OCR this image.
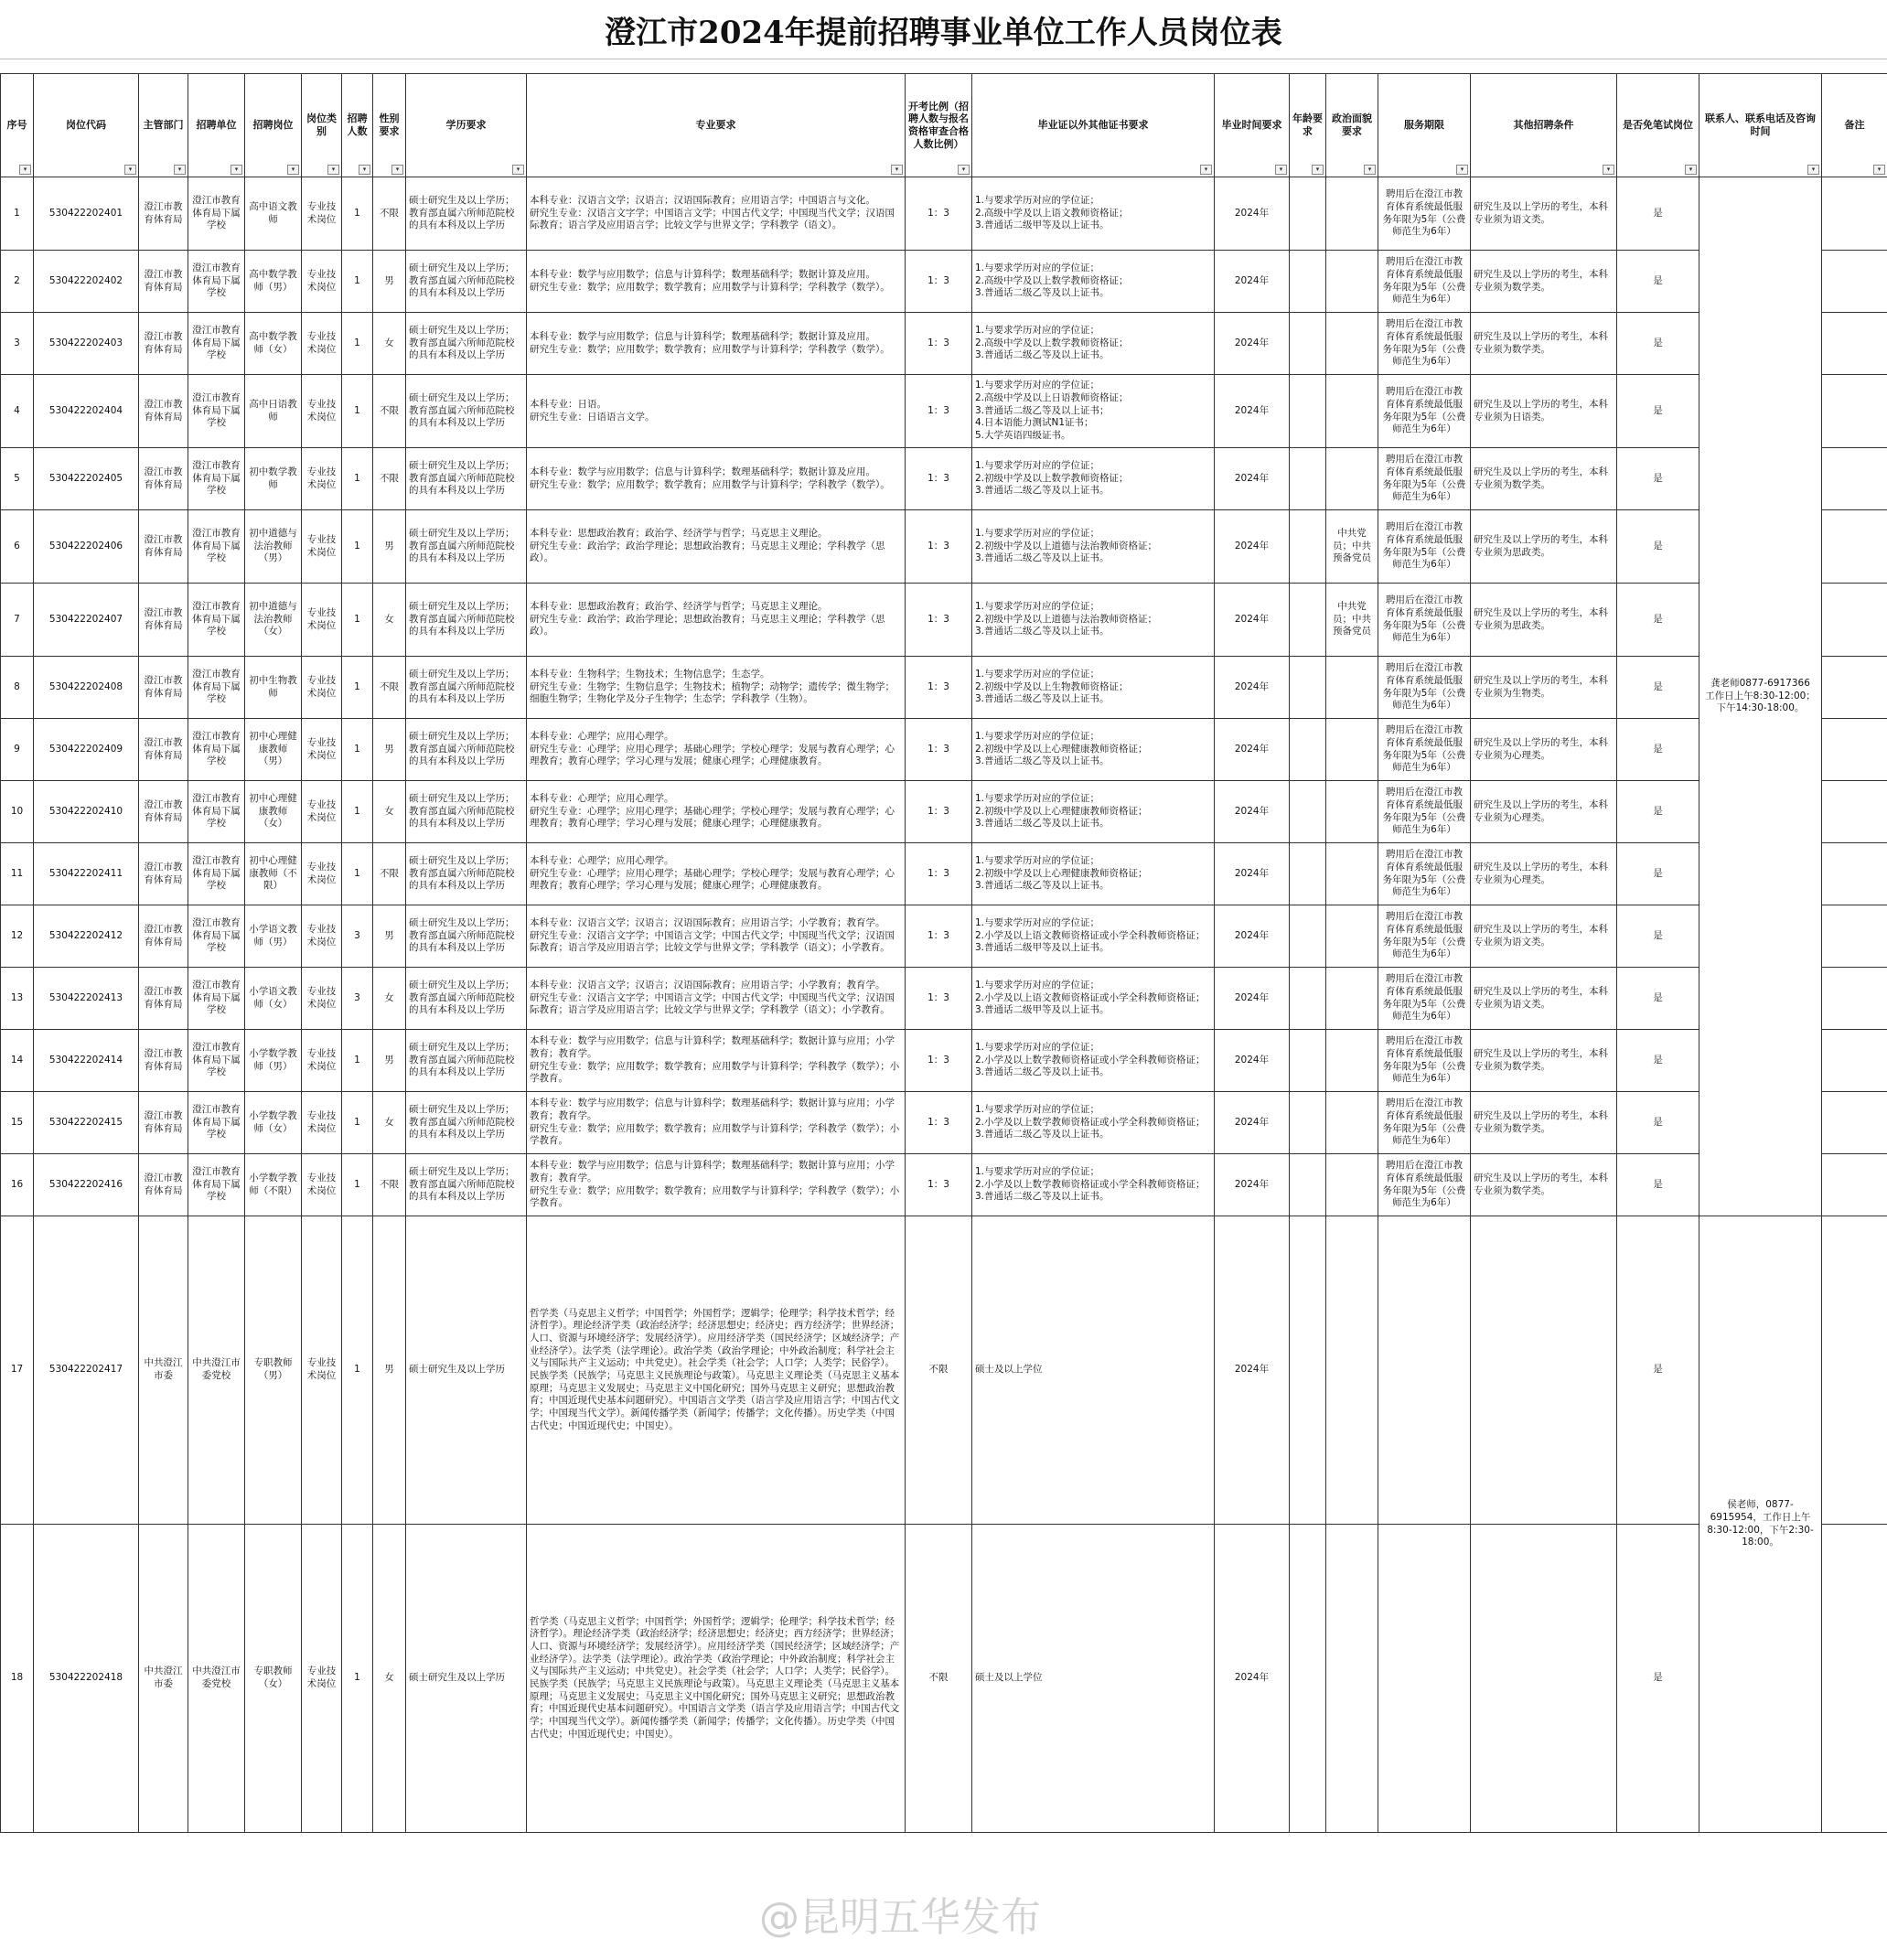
澄江市2024年提前招聘事业单位工作人员岗位表
序号
▾	岗位代码
▾	主管部门
▾	招聘单位
▾	招聘岗位
▾	岗位类别
▾	招聘人数
▾	性别要求
▾	学历要求
▾	专业要求
▾	开考比例（招聘人数与报名资格审查合格人数比例）
▾	毕业证以外其他证书要求
▾	毕业时间要求
▾	年龄要求
▾	政治面貌要求
▾	服务期限
▾	其他招聘条件
▾	是否免笔试岗位
▾	联系人、联系电话及咨询时间
▾	备注
▾

1	530422202401	澄江市教育体育局	澄江市教育体育局下属学校	高中语文教师	专业技术岗位	1	不限	硕士研究生及以上学历；教育部直属六所师范院校的具有本科及以上学历	本科专业：汉语言文学；汉语言；汉语国际教育；应用语言学；中国语言与文化。
研究生专业：汉语言文字学；中国语言文学；中国古代文学；中国现当代文学；汉语国际教育；语言学及应用语言学；比较文学与世界文学；学科教学（语文）。	1：3	1.与要求学历对应的学位证；
2.高级中学及以上语文教师资格证；
3.普通话二级甲等及以上证书。	2024年			聘用后在澄江市教育体育系统最低服务年限为5年（公费师范生为6年）	研究生及以上学历的考生，本科专业须为语文类。	是	龚老师0877-6917366
工作日上午8:30-12:00；下午14:30-18:00。	
2	530422202402	澄江市教育体育局	澄江市教育体育局下属学校	高中数学教师（男）	专业技术岗位	1	男	硕士研究生及以上学历；教育部直属六所师范院校的具有本科及以上学历	本科专业：数学与应用数学；信息与计算科学；数理基础科学；数据计算及应用。
研究生专业：数学；应用数学；数学教育；应用数学与计算科学；学科教学（数学）。	1：3	1.与要求学历对应的学位证；
2.高级中学及以上数学教师资格证；
3.普通话二级乙等及以上证书。	2024年			聘用后在澄江市教育体育系统最低服务年限为5年（公费师范生为6年）	研究生及以上学历的考生，本科专业须为数学类。	是		
3	530422202403	澄江市教育体育局	澄江市教育体育局下属学校	高中数学教师（女）	专业技术岗位	1	女	硕士研究生及以上学历；教育部直属六所师范院校的具有本科及以上学历	本科专业：数学与应用数学；信息与计算科学；数理基础科学；数据计算及应用。
研究生专业：数学；应用数学；数学教育；应用数学与计算科学；学科教学（数学）。	1：3	1.与要求学历对应的学位证；
2.高级中学及以上数学教师资格证；
3.普通话二级乙等及以上证书。	2024年			聘用后在澄江市教育体育系统最低服务年限为5年（公费师范生为6年）	研究生及以上学历的考生，本科专业须为数学类。	是		
4	530422202404	澄江市教育体育局	澄江市教育体育局下属学校	高中日语教师	专业技术岗位	1	不限	硕士研究生及以上学历；教育部直属六所师范院校的具有本科及以上学历	本科专业：日语。
研究生专业：日语语言文学。	1：3	1.与要求学历对应的学位证；
2.高级中学及以上日语教师资格证；
3.普通话二级乙等及以上证书；
4.日本语能力测试N1证书；
5.大学英语四级证书。	2024年			聘用后在澄江市教育体育系统最低服务年限为5年（公费师范生为6年）	研究生及以上学历的考生，本科专业须为日语类。	是		
5	530422202405	澄江市教育体育局	澄江市教育体育局下属学校	初中数学教师	专业技术岗位	1	不限	硕士研究生及以上学历；教育部直属六所师范院校的具有本科及以上学历	本科专业：数学与应用数学；信息与计算科学；数理基础科学；数据计算及应用。
研究生专业：数学；应用数学；数学教育；应用数学与计算科学；学科教学（数学）。	1：3	1.与要求学历对应的学位证；
2.初级中学及以上数学教师资格证；
3.普通话二级乙等及以上证书。	2024年			聘用后在澄江市教育体育系统最低服务年限为5年（公费师范生为6年）	研究生及以上学历的考生，本科专业须为数学类。	是		
6	530422202406	澄江市教育体育局	澄江市教育体育局下属学校	初中道德与法治教师（男）	专业技术岗位	1	男	硕士研究生及以上学历；教育部直属六所师范院校的具有本科及以上学历	本科专业：思想政治教育；政治学、经济学与哲学；马克思主义理论。
研究生专业：政治学；政治学理论；思想政治教育；马克思主义理论；学科教学（思政）。	1：3	1.与要求学历对应的学位证；
2.初级中学及以上道德与法治教师资格证；
3.普通话二级乙等及以上证书。	2024年		中共党员；中共预备党员	聘用后在澄江市教育体育系统最低服务年限为5年（公费师范生为6年）	研究生及以上学历的考生，本科专业须为思政类。	是		
7	530422202407	澄江市教育体育局	澄江市教育体育局下属学校	初中道德与法治教师（女）	专业技术岗位	1	女	硕士研究生及以上学历；教育部直属六所师范院校的具有本科及以上学历	本科专业：思想政治教育；政治学、经济学与哲学；马克思主义理论。
研究生专业：政治学；政治学理论；思想政治教育；马克思主义理论；学科教学（思政）。	1：3	1.与要求学历对应的学位证；
2.初级中学及以上道德与法治教师资格证；
3.普通话二级乙等及以上证书。	2024年		中共党员；中共预备党员	聘用后在澄江市教育体育系统最低服务年限为5年（公费师范生为6年）	研究生及以上学历的考生，本科专业须为思政类。	是		
8	530422202408	澄江市教育体育局	澄江市教育体育局下属学校	初中生物教师	专业技术岗位	1	不限	硕士研究生及以上学历；教育部直属六所师范院校的具有本科及以上学历	本科专业：生物科学；生物技术；生物信息学；生态学。
研究生专业：生物学；生物信息学；生物技术；植物学；动物学；遗传学；微生物学；细胞生物学；生物化学及分子生物学；生态学；学科教学（生物）。	1：3	1.与要求学历对应的学位证；
2.初级中学及以上生物教师资格证；
3.普通话二级乙等及以上证书。	2024年			聘用后在澄江市教育体育系统最低服务年限为5年（公费师范生为6年）	研究生及以上学历的考生，本科专业须为生物类。	是		
9	530422202409	澄江市教育体育局	澄江市教育体育局下属学校	初中心理健康教师（男）	专业技术岗位	1	男	硕士研究生及以上学历；教育部直属六所师范院校的具有本科及以上学历	本科专业：心理学；应用心理学。
研究生专业：心理学；应用心理学；基础心理学；学校心理学；发展与教育心理学；心理教育；教育心理学；学习心理与发展；健康心理学；心理健康教育。	1：3	1.与要求学历对应的学位证；
2.初级中学及以上心理健康教师资格证；
3.普通话二级乙等及以上证书。	2024年			聘用后在澄江市教育体育系统最低服务年限为5年（公费师范生为6年）	研究生及以上学历的考生，本科专业须为心理类。	是		
10	530422202410	澄江市教育体育局	澄江市教育体育局下属学校	初中心理健康教师（女）	专业技术岗位	1	女	硕士研究生及以上学历；教育部直属六所师范院校的具有本科及以上学历	本科专业：心理学；应用心理学。
研究生专业：心理学；应用心理学；基础心理学；学校心理学；发展与教育心理学；心理教育；教育心理学；学习心理与发展；健康心理学；心理健康教育。	1：3	1.与要求学历对应的学位证；
2.初级中学及以上心理健康教师资格证；
3.普通话二级乙等及以上证书。	2024年			聘用后在澄江市教育体育系统最低服务年限为5年（公费师范生为6年）	研究生及以上学历的考生，本科专业须为心理类。	是		
11	530422202411	澄江市教育体育局	澄江市教育体育局下属学校	初中心理健康教师（不限）	专业技术岗位	1	不限	硕士研究生及以上学历；教育部直属六所师范院校的具有本科及以上学历	本科专业：心理学；应用心理学。
研究生专业：心理学；应用心理学；基础心理学；学校心理学；发展与教育心理学；心理教育；教育心理学；学习心理与发展；健康心理学；心理健康教育。	1：3	1.与要求学历对应的学位证；
2.初级中学及以上心理健康教师资格证；
3.普通话二级乙等及以上证书。	2024年			聘用后在澄江市教育体育系统最低服务年限为5年（公费师范生为6年）	研究生及以上学历的考生，本科专业须为心理类。	是		
12	530422202412	澄江市教育体育局	澄江市教育体育局下属学校	小学语文教师（男）	专业技术岗位	3	男	硕士研究生及以上学历；教育部直属六所师范院校的具有本科及以上学历	本科专业：汉语言文学；汉语言；汉语国际教育；应用语言学；小学教育；教育学。
研究生专业：汉语言文字学；中国语言文学；中国古代文学；中国现当代文学；汉语国际教育；语言学及应用语言学；比较文学与世界文学；学科教学（语文）；小学教育。	1：3	1.与要求学历对应的学位证；
2.小学及以上语文教师资格证或小学全科教师资格证；
3.普通话二级甲等及以上证书。	2024年			聘用后在澄江市教育体育系统最低服务年限为5年（公费师范生为6年）	研究生及以上学历的考生，本科专业须为语文类。	是		
13	530422202413	澄江市教育体育局	澄江市教育体育局下属学校	小学语文教师（女）	专业技术岗位	3	女	硕士研究生及以上学历；教育部直属六所师范院校的具有本科及以上学历	本科专业：汉语言文学；汉语言；汉语国际教育；应用语言学；小学教育；教育学。
研究生专业：汉语言文字学；中国语言文学；中国古代文学；中国现当代文学；汉语国际教育；语言学及应用语言学；比较文学与世界文学；学科教学（语文）；小学教育。	1：3	1.与要求学历对应的学位证；
2.小学及以上语文教师资格证或小学全科教师资格证；
3.普通话二级甲等及以上证书。	2024年			聘用后在澄江市教育体育系统最低服务年限为5年（公费师范生为6年）	研究生及以上学历的考生，本科专业须为语文类。	是		
14	530422202414	澄江市教育体育局	澄江市教育体育局下属学校	小学数学教师（男）	专业技术岗位	1	男	硕士研究生及以上学历；教育部直属六所师范院校的具有本科及以上学历	本科专业：数学与应用数学；信息与计算科学；数理基础科学；数据计算与应用；小学教育；教育学。
研究生专业：数学；应用数学；数学教育；应用数学与计算科学；学科教学（数学）；小学教育。	1：3	1.与要求学历对应的学位证；
2.小学及以上数学教师资格证或小学全科教师资格证；
3.普通话二级乙等及以上证书。	2024年			聘用后在澄江市教育体育系统最低服务年限为5年（公费师范生为6年）	研究生及以上学历的考生，本科专业须为数学类。	是		
15	530422202415	澄江市教育体育局	澄江市教育体育局下属学校	小学数学教师（女）	专业技术岗位	1	女	硕士研究生及以上学历；教育部直属六所师范院校的具有本科及以上学历	本科专业：数学与应用数学；信息与计算科学；数理基础科学；数据计算与应用；小学教育；教育学。
研究生专业：数学；应用数学；数学教育；应用数学与计算科学；学科教学（数学）；小学教育。	1：3	1.与要求学历对应的学位证；
2.小学及以上数学教师资格证或小学全科教师资格证；
3.普通话二级乙等及以上证书。	2024年			聘用后在澄江市教育体育系统最低服务年限为5年（公费师范生为6年）	研究生及以上学历的考生，本科专业须为数学类。	是		
16	530422202416	澄江市教育体育局	澄江市教育体育局下属学校	小学数学教师（不限）	专业技术岗位	1	不限	硕士研究生及以上学历；教育部直属六所师范院校的具有本科及以上学历	本科专业：数学与应用数学；信息与计算科学；数理基础科学；数据计算与应用；小学教育；教育学。
研究生专业：数学；应用数学；数学教育；应用数学与计算科学；学科教学（数学）；小学教育。	1：3	1.与要求学历对应的学位证；
2.小学及以上数学教师资格证或小学全科教师资格证；
3.普通话二级乙等及以上证书。	2024年			聘用后在澄江市教育体育系统最低服务年限为5年（公费师范生为6年）	研究生及以上学历的考生，本科专业须为数学类。	是		
17	530422202417	中共澄江市委	中共澄江市委党校	专职教师（男）	专业技术岗位	1	男	硕士研究生及以上学历	哲学类（马克思主义哲学；中国哲学；外国哲学；逻辑学；伦理学；科学技术哲学；经济哲学）。理论经济学类（政治经济学；经济思想史；经济史；西方经济学；世界经济；人口、资源与环境经济学；发展经济学）。应用经济学类（国民经济学；区域经济学；产业经济学）。法学类（法学理论）。政治学类（政治学理论；中外政治制度；科学社会主义与国际共产主义运动；中共党史）。社会学类（社会学；人口学；人类学；民俗学）。民族学类（民族学；马克思主义民族理论与政策）。马克思主义理论类（马克思主义基本原理；马克思主义发展史；马克思主义中国化研究；国外马克思主义研究；思想政治教育；中国近现代史基本问题研究）。中国语言文学类（语言学及应用语言学；中国古代文学；中国现当代文学）。新闻传播学类（新闻学；传播学；文化传播）。历史学类（中国古代史；中国近现代史；中国史）。	不限	硕士及以上学位	2024年					是	侯老师，0877-6915954，工作日上午8:30-12:00，下午2:30-18:00。	
18	530422202418	中共澄江市委	中共澄江市委党校	专职教师（女）	专业技术岗位	1	女	硕士研究生及以上学历	哲学类（马克思主义哲学；中国哲学；外国哲学；逻辑学；伦理学；科学技术哲学；经济哲学）。理论经济学类（政治经济学；经济思想史；经济史；西方经济学；世界经济；人口、资源与环境经济学；发展经济学）。应用经济学类（国民经济学；区域经济学；产业经济学）。法学类（法学理论）。政治学类（政治学理论；中外政治制度；科学社会主义与国际共产主义运动；中共党史）。社会学类（社会学；人口学；人类学；民俗学）。民族学类（民族学；马克思主义民族理论与政策）。马克思主义理论类（马克思主义基本原理；马克思主义发展史；马克思主义中国化研究；国外马克思主义研究；思想政治教育；中国近现代史基本问题研究）。中国语言文学类（语言学及应用语言学；中国古代文学；中国现当代文学）。新闻传播学类（新闻学；传播学；文化传播）。历史学类（中国古代史；中国近现代史；中国史）。	不限	硕士及以上学位	2024年					是		
@昆明五华发布
